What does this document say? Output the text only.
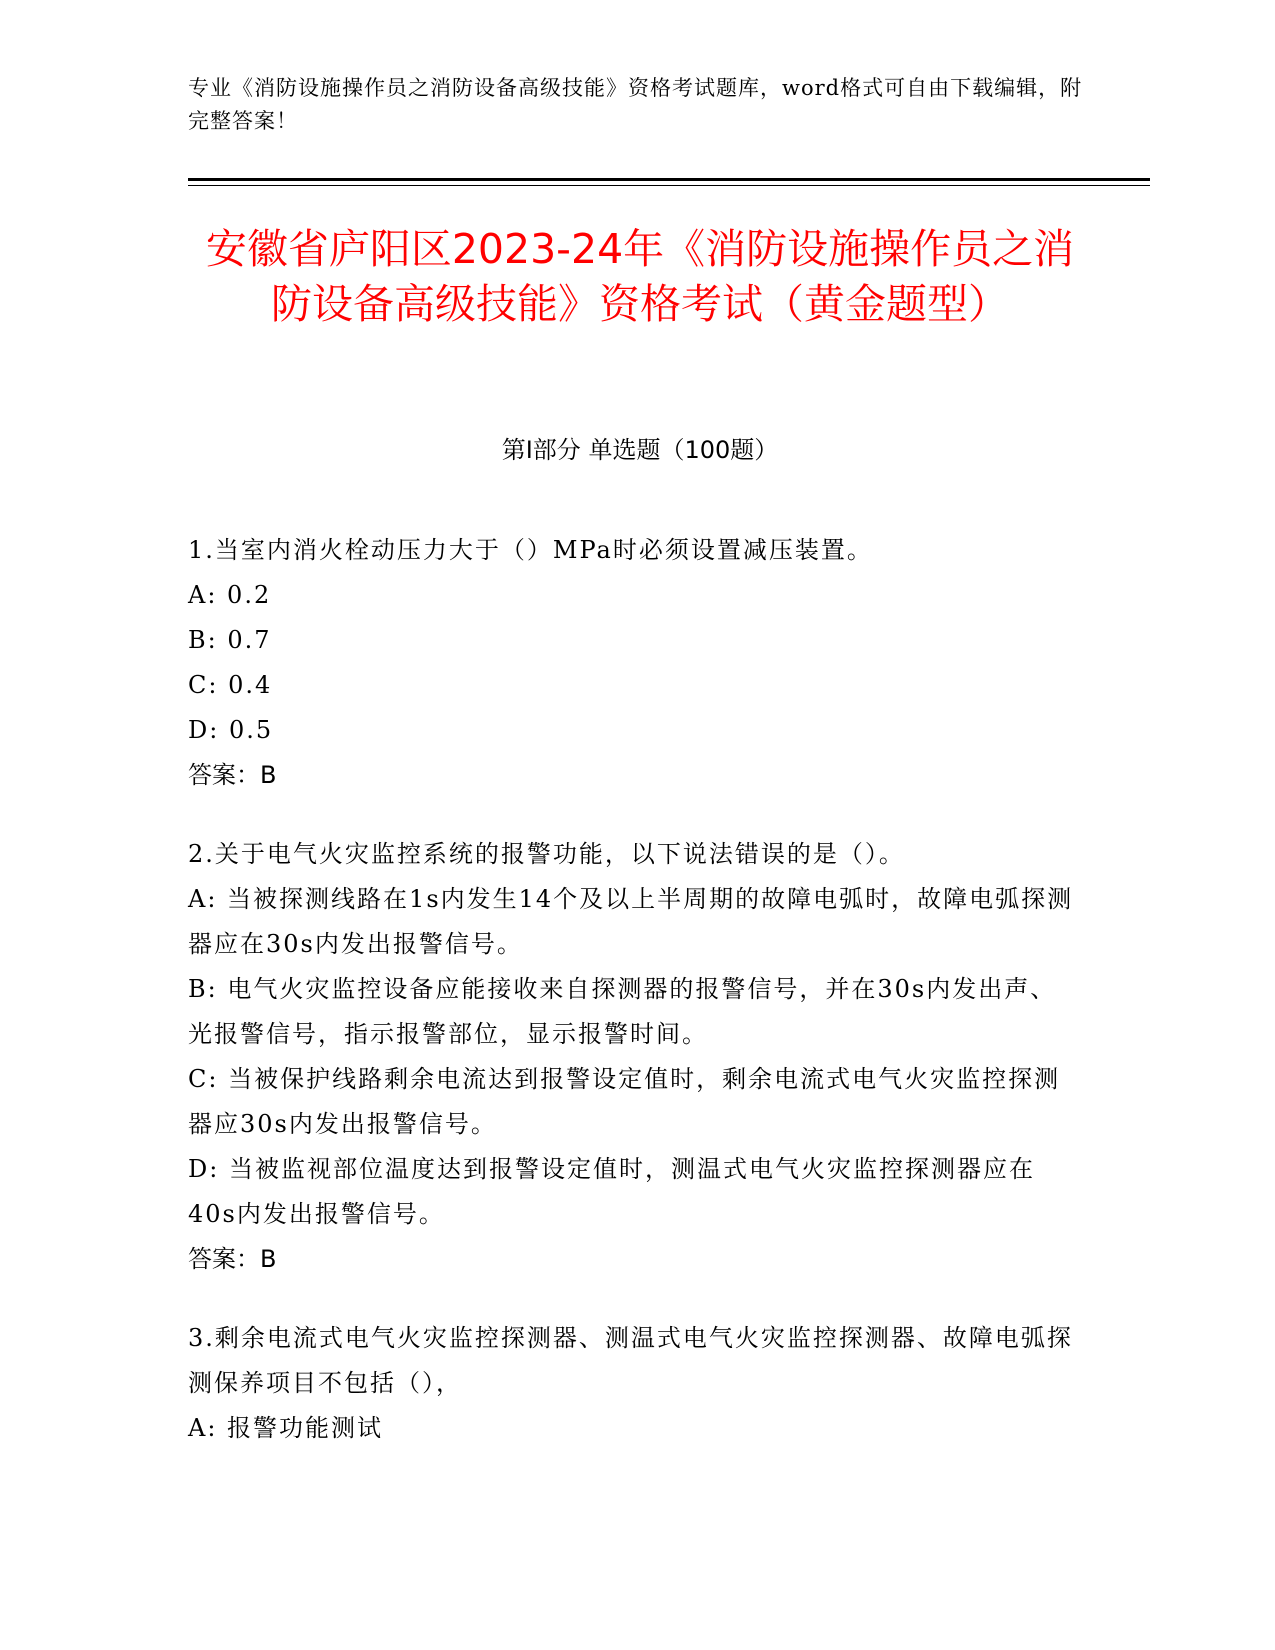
专业《消防设施操作员之消防设备高级技能》资格考试题库，word格式可自由下载编辑，附完整答案！
安徽省庐阳区2023-24年《消防设施操作员之消防设备高级技能》资格考试（黄金题型）
第Ⅰ部分 单选题（100题）
1.当室内消火栓动压力大于（）MPa时必须设置减压装置。
A: 0.2
B: 0.7
C: 0.4
D: 0.5
答案：B
2.关于电气火灾监控系统的报警功能，以下说法错误的是（）。
A: 当被探测线路在1s内发生14个及以上半周期的故障电弧时，故障电弧探测器应在30s内发出报警信号。
B: 电气火灾监控设备应能接收来自探测器的报警信号，并在30s内发出声、光报警信号，指示报警部位，显示报警时间。
C: 当被保护线路剩余电流达到报警设定值时，剩余电流式电气火灾监控探测器应30s内发出报警信号。
D: 当被监视部位温度达到报警设定值时，测温式电气火灾监控探测器应在40s内发出报警信号。
答案：B
3.剩余电流式电气火灾监控探测器、测温式电气火灾监控探测器、故障电弧探测保养项目不包括（），
A: 报警功能测试
